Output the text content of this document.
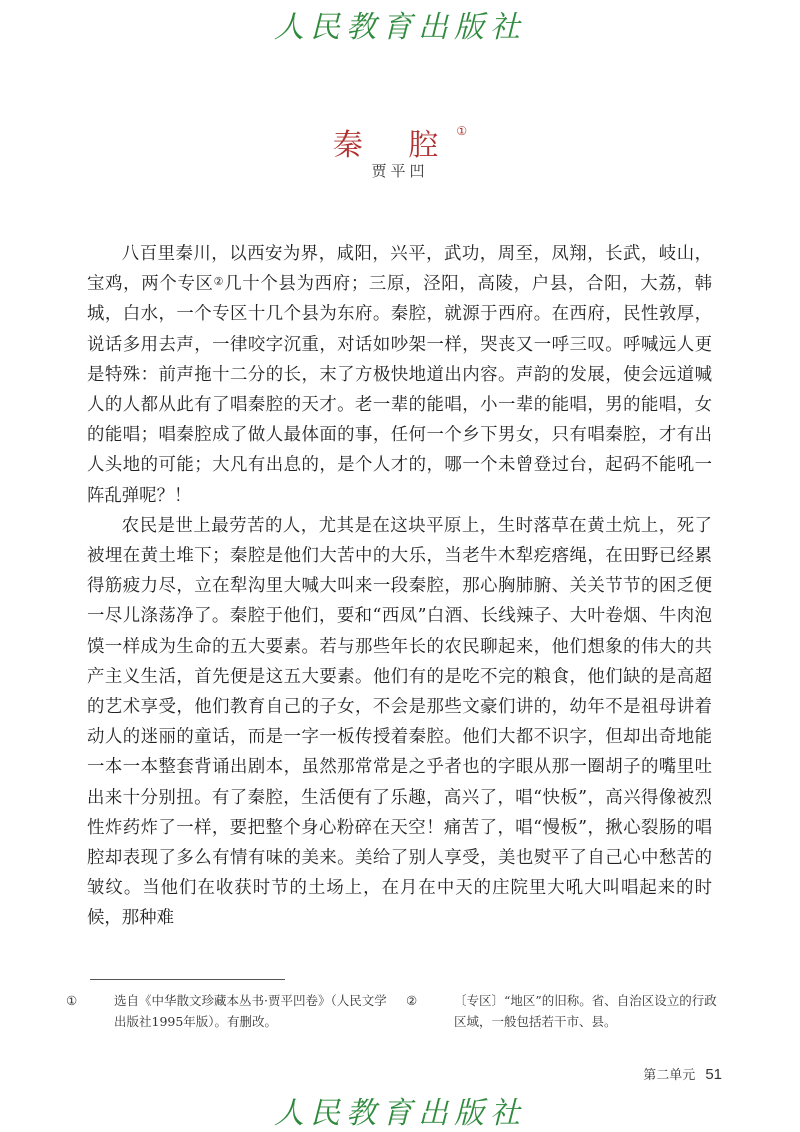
人民教育出版社
秦 腔①
贾平凹

八百里秦川，以西安为界，咸阳，兴平，武功，周至，凤翔，长武，岐山，宝鸡，两个专区②几十个县为西府；三原，泾阳，高陵，户县，合阳，大荔，韩城，白水，一个专区十几个县为东府。秦腔，就源于西府。在西府，民性敦厚，说话多用去声，一律咬字沉重，对话如吵架一样，哭丧又一呼三叹。呼喊远人更是特殊：前声拖十二分的长，末了方极快地道出内容。声韵的发展，使会远道喊人的人都从此有了唱秦腔的天才。老一辈的能唱，小一辈的能唱，男的能唱，女的能唱；唱秦腔成了做人最体面的事，任何一个乡下男女，只有唱秦腔，才有出人头地的可能；大凡有出息的，是个人才的，哪一个未曾登过台，起码不能吼一阵乱弹呢？！

农民是世上最劳苦的人，尤其是在这块平原上，生时落草在黄土炕上，死了被埋在黄土堆下；秦腔是他们大苦中的大乐，当老牛木犁疙瘩绳，在田野已经累得筋疲力尽，立在犁沟里大喊大叫来一段秦腔，那心胸肺腑、关关节节的困乏便一尽儿涤荡净了。秦腔于他们，要和“西凤”白酒、长线辣子、大叶卷烟、牛肉泡馍一样成为生命的五大要素。若与那些年长的农民聊起来，他们想象的伟大的共产主义生活，首先便是这五大要素。他们有的是吃不完的粮食，他们缺的是高超的艺术享受，他们教育自己的子女，不会是那些文豪们讲的，幼年不是祖母讲着动人的迷丽的童话，而是一字一板传授着秦腔。他们大都不识字，但却出奇地能一本一本整套背诵出剧本，虽然那常常是之乎者也的字眼从那一圈胡子的嘴里吐出来十分别扭。有了秦腔，生活便有了乐趣，高兴了，唱“快板”，高兴得像被烈性炸药炸了一样，要把整个身心粉碎在天空！痛苦了，唱“慢板”，揪心裂肠的唱腔却表现了多么有情有味的美来。美给了别人享受，美也熨平了自己心中愁苦的皱纹。当他们在收获时节的土场上，在月在中天的庄院里大吼大叫唱起来的时候，那种难

①	选自《中华散文珍藏本丛书·贾平凹卷》（人民文学出版社1995年版）。有删改。
②	〔专区〕“地区”的旧称。省、自治区设立的行政区域，一般包括若干市、县。
第二单元 51
人民教育出版社
